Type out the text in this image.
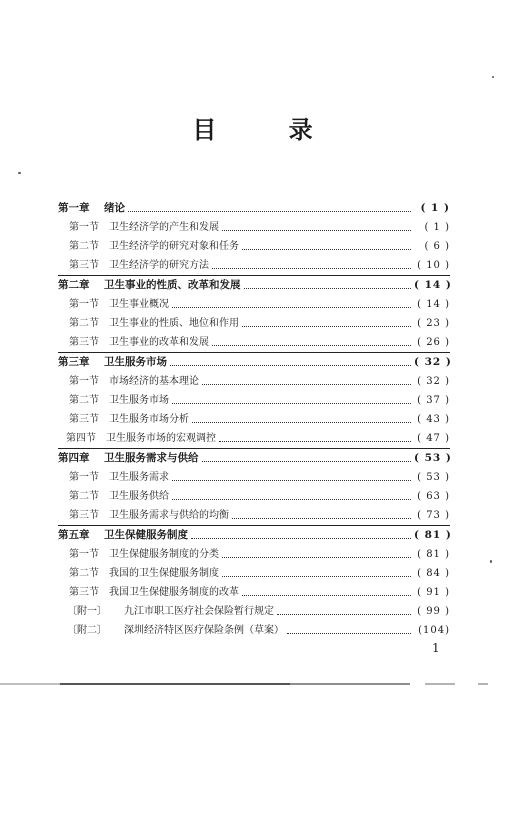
目 录
第一章	绪论	( 1 )
第一节	卫生经济学的产生和发展	( 1 )
第二节	卫生经济学的研究对象和任务	( 6 )
第三节	卫生经济学的研究方法	( 10 )
第二章	卫生事业的性质、改革和发展	( 14 )
第一节	卫生事业概况	( 14 )
第二节	卫生事业的性质、地位和作用	( 23 )
第三节	卫生事业的改革和发展	( 26 )
第三章	卫生服务市场	( 32 )
第一节	市场经济的基本理论	( 32 )
第二节	卫生服务市场	( 37 )
第三节	卫生服务市场分析	( 43 )
第四节	卫生服务市场的宏观调控	( 47 )
第四章	卫生服务需求与供给	( 53 )
第一节	卫生服务需求	( 53 )
第二节	卫生服务供给	( 63 )
第三节	卫生服务需求与供给的均衡	( 73 )
第五章	卫生保健服务制度	( 81 )
第一节	卫生保健服务制度的分类	( 81 )
第二节	我国的卫生保健服务制度	( 84 )
第三节	我国卫生保健服务制度的改革	( 91 )
〔附一〕	九江市职工医疗社会保险暂行规定	( 99 )
〔附二〕	深圳经济特区医疗保险条例（草案）	(104)
1
